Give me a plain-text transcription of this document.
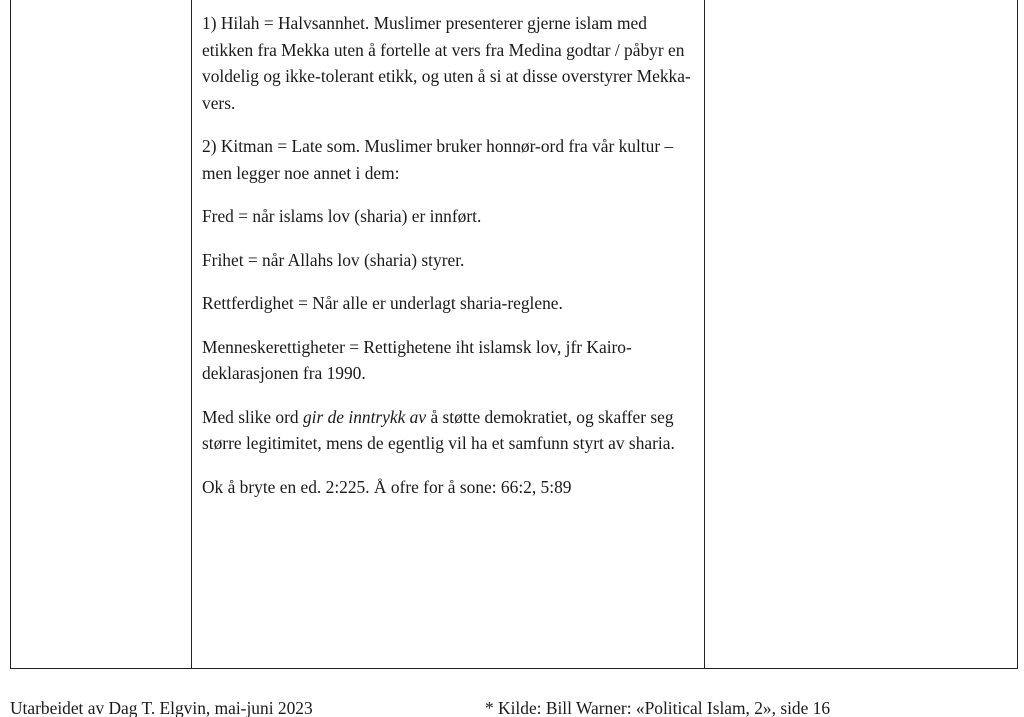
1) Hilah = Halvsannhet. Muslimer presenterer gjerne islam med etikken fra Mekka uten å fortelle at vers fra Medina godtar / påbyr en voldelig og ikke-tolerant etikk, og uten å si at disse overstyrer Mekka-vers.

2) Kitman = Late som. Muslimer bruker honnør-ord fra vår kultur – men legger noe annet i dem:

Fred = når islams lov (sharia) er innført.

Frihet = når Allahs lov (sharia) styrer.

Rettferdighet = Når alle er underlagt sharia-reglene.

Menneskerettigheter = Rettighetene iht islamsk lov, jfr Kairo-deklarasjonen fra 1990.

Med slike ord gir de inntrykk av å støtte demokratiet, og skaffer seg større legitimitet, mens de egentlig vil ha et samfunn styrt av sharia.

Ok å bryte en ed. 2:225. Å ofre for å sone: 66:2, 5:89

Utarbeidet av Dag T. Elgvin, mai-juni 2023	* Kilde: Bill Warner: «Political Islam, 2», side 16
